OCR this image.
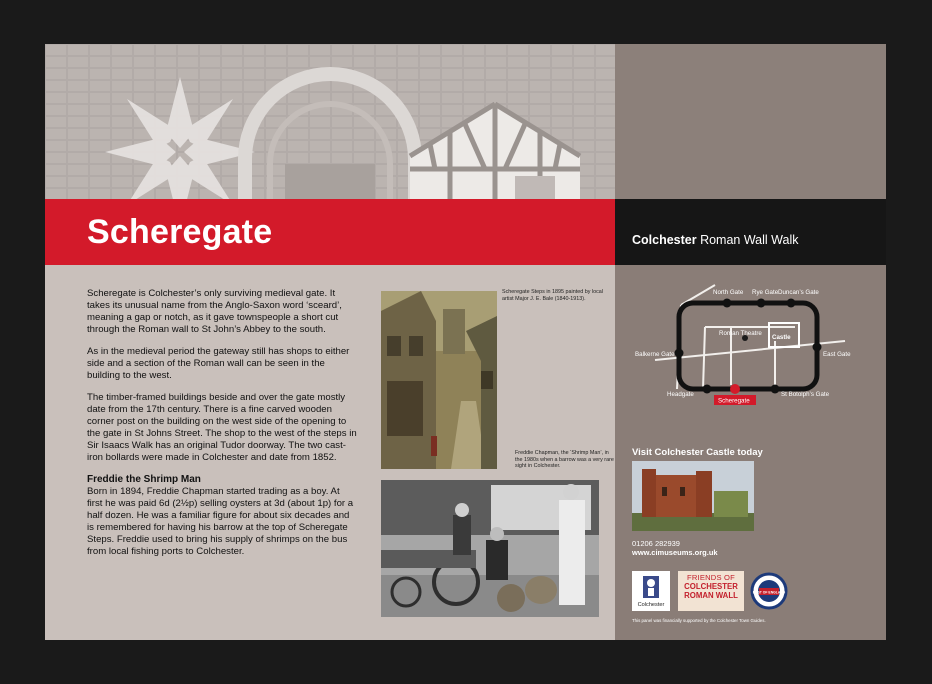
Scheregate	Colchester Roman Wall Walk

Scheregate is Colchester’s only surviving medieval gate. It takes its unusual name from the Anglo-Saxon word ‘sceard’, meaning a gap or notch, as it gave townspeople a short cut through the Roman wall to St John’s Abbey to the south.

As in the medieval period the gateway still has shops to either side and a section of the Roman wall can be seen in the building to the west.

The timber-framed buildings beside and over the gate mostly date from the 17th century. There is a fine carved wooden corner post on the building on the west side of the opening to the gate in St Johns Street. The shop to the west of the steps in Sir Isaacs Walk has an original Tudor doorway. The two cast-iron bollards were made in Colchester and date from 1852.

Freddie the Shrimp Man

Born in 1894, Freddie Chapman started trading as a boy. At first he was paid 6d (2½p) selling oysters at 3d (about 1p) for a half dozen. He was a familiar figure for about six decades and is remembered for having his barrow at the top of Scheregate Steps. Freddie used to bring his supply of shrimps on the bus from local fishing ports to Colchester.

Scheregate Steps in 1895 painted by local artist Major J. E. Bale (1840-1913).
Freddie Chapman, the ‘Shrimp Man’, in the 1980s when a barrow was a very rare sight in Colchester.
North Gate Rye Gate Duncan’s Gate
Roman Theatre
Castle
Balkerne Gate	East Gate
Headgate	St Botolph’s Gate
Scheregate
Visit Colchester Castle today
01206 282939
www.cimuseums.org.uk
Colchester
FRIENDS OF
COLCHESTER
ROMAN WALL	EAST OF ENGLAND
This panel was financially supported by the Colchester Town Guides.
